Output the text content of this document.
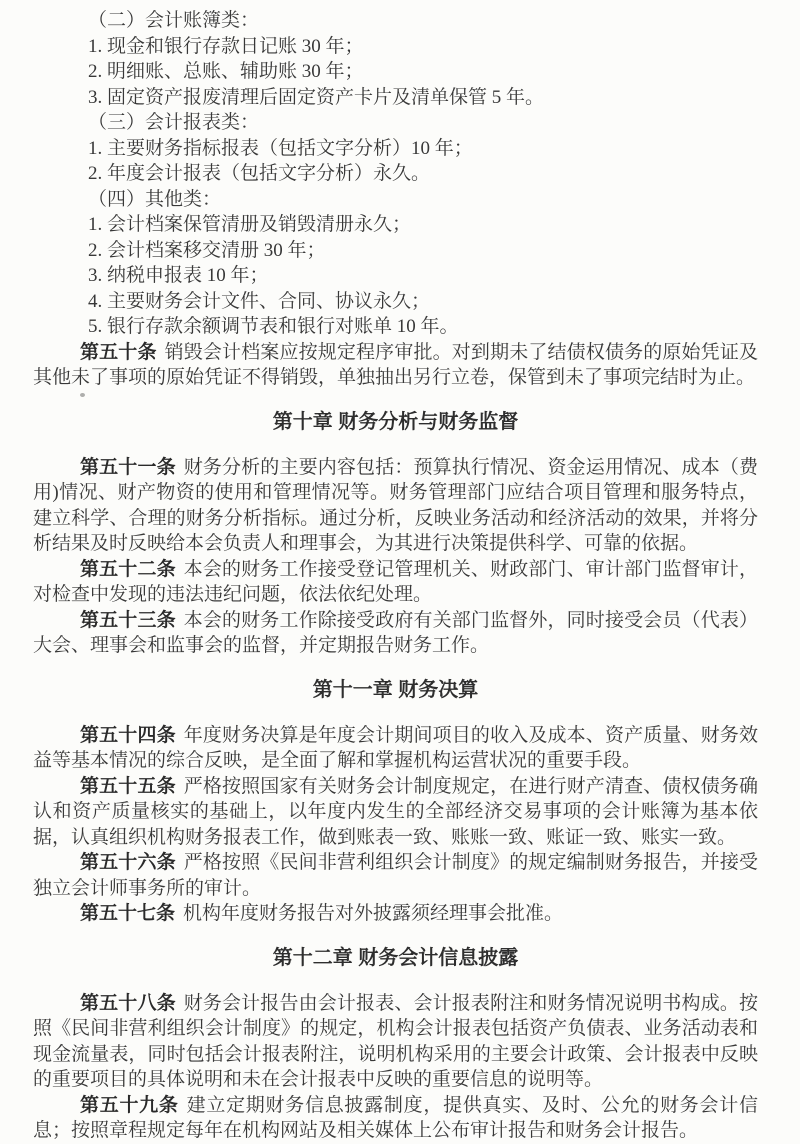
（二）会计账簿类：

1. 现金和银行存款日记账 30 年；

2. 明细账、总账、辅助账 30 年；

3. 固定资产报废清理后固定资产卡片及清单保管 5 年。

（三）会计报表类：

1. 主要财务指标报表（包括文字分析）10 年；

2. 年度会计报表（包括文字分析）永久。

（四）其他类：

1. 会计档案保管清册及销毁清册永久；

2. 会计档案移交清册 30 年；

3. 纳税申报表 10 年；

4. 主要财务会计文件、合同、协议永久；

5. 银行存款余额调节表和银行对账单 10 年。

第五十条 销毁会计档案应按规定程序审批。对到期未了结债权债务的原始凭证及其他未了事项的原始凭证不得销毁，单独抽出另行立卷，保管到未了事项完结时为止。

第十章 财务分析与财务监督

第五十一条 财务分析的主要内容包括：预算执行情况、资金运用情况、成本（费用)情况、财产物资的使用和管理情况等。财务管理部门应结合项目管理和服务特点，建立科学、合理的财务分析指标。通过分析，反映业务活动和经济活动的效果，并将分析结果及时反映给本会负责人和理事会，为其进行决策提供科学、可靠的依据。

第五十二条 本会的财务工作接受登记管理机关、财政部门、审计部门监督审计，对检查中发现的违法违纪问题，依法依纪处理。

第五十三条 本会的财务工作除接受政府有关部门监督外，同时接受会员（代表）大会、理事会和监事会的监督，并定期报告财务工作。

第十一章 财务决算

第五十四条 年度财务决算是年度会计期间项目的收入及成本、资产质量、财务效益等基本情况的综合反映，是全面了解和掌握机构运营状况的重要手段。

第五十五条 严格按照国家有关财务会计制度规定，在进行财产清查、债权债务确认和资产质量核实的基础上，以年度内发生的全部经济交易事项的会计账簿为基本依据，认真组织机构财务报表工作，做到账表一致、账账一致、账证一致、账实一致。

第五十六条 严格按照《民间非营利组织会计制度》的规定编制财务报告，并接受独立会计师事务所的审计。

第五十七条 机构年度财务报告对外披露须经理事会批准。

第十二章 财务会计信息披露

第五十八条 财务会计报告由会计报表、会计报表附注和财务情况说明书构成。按照《民间非营利组织会计制度》的规定，机构会计报表包括资产负债表、业务活动表和现金流量表，同时包括会计报表附注，说明机构采用的主要会计政策、会计报表中反映的重要项目的具体说明和未在会计报表中反映的重要信息的说明等。

第五十九条 建立定期财务信息披露制度，提供真实、及时、公允的财务会计信息；按照章程规定每年在机构网站及相关媒体上公布审计报告和财务会计报告。
